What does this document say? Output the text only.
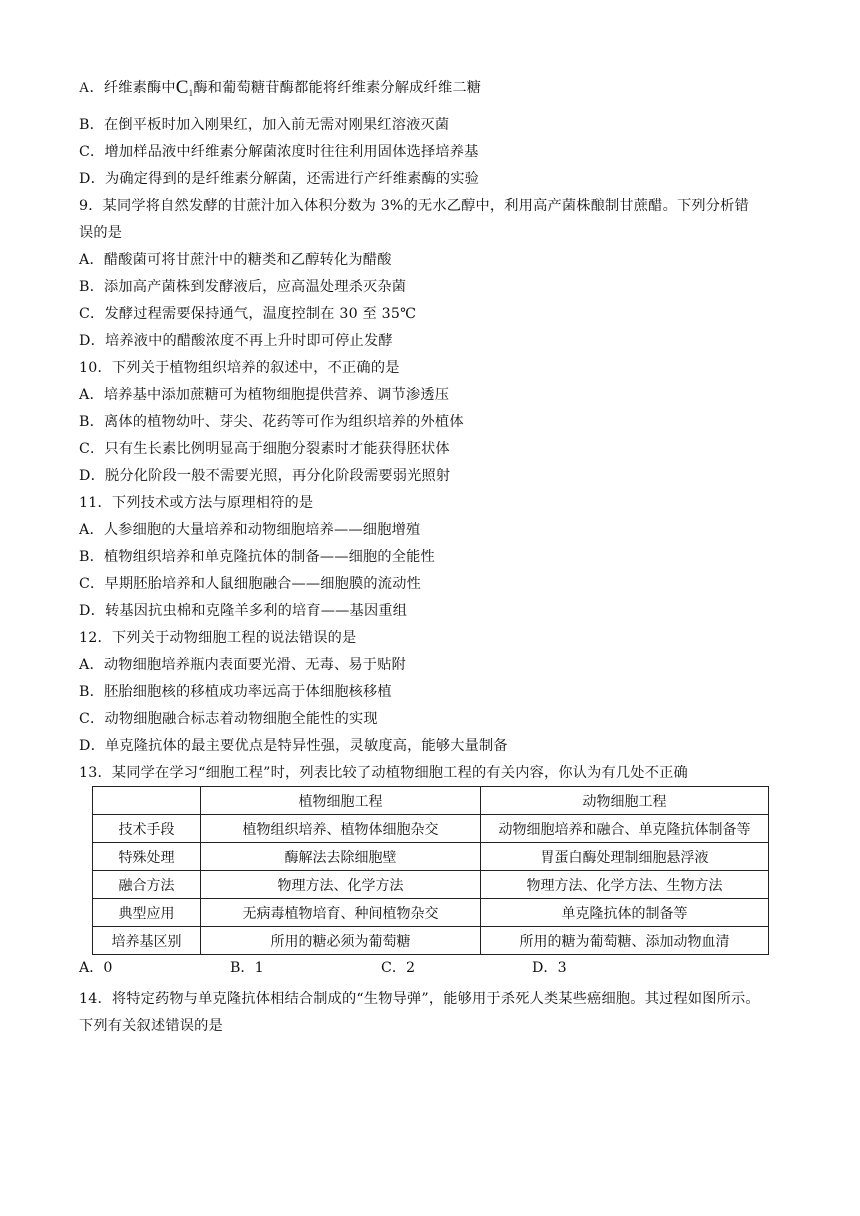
A．纤维素酶中$C_1$酶和葡萄糖苷酶都能将纤维素分解成纤维二糖
B．在倒平板时加入刚果红，加入前无需对刚果红溶液灭菌
C．增加样品液中纤维素分解菌浓度时往往利用固体选择培养基
D．为确定得到的是纤维素分解菌，还需进行产纤维素酶的实验
9．某同学将自然发酵的甘蔗汁加入体积分数为 3%的无水乙醇中，利用高产菌株酿制甘蔗醋。下列分析错
误的是
A．醋酸菌可将甘蔗汁中的糖类和乙醇转化为醋酸
B．添加高产菌株到发酵液后，应高温处理杀灭杂菌
C．发酵过程需要保持通气，温度控制在 30 至 35℃
D．培养液中的醋酸浓度不再上升时即可停止发酵
10．下列关于植物组织培养的叙述中，不正确的是
A．培养基中添加蔗糖可为植物细胞提供营养、调节渗透压
B．离体的植物幼叶、芽尖、花药等可作为组织培养的外植体
C．只有生长素比例明显高于细胞分裂素时才能获得胚状体
D．脱分化阶段一般不需要光照，再分化阶段需要弱光照射
11．下列技术或方法与原理相符的是
A．人参细胞的大量培养和动物细胞培养——细胞增殖
B．植物组织培养和单克隆抗体的制备——细胞的全能性
C．早期胚胎培养和人鼠细胞融合——细胞膜的流动性
D．转基因抗虫棉和克隆羊多利的培育——基因重组
12．下列关于动物细胞工程的说法错误的是
A．动物细胞培养瓶内表面要光滑、无毒、易于贴附
B．胚胎细胞核的移植成功率远高于体细胞核移植
C．动物细胞融合标志着动物细胞全能性的实现
D．单克隆抗体的最主要优点是特异性强，灵敏度高，能够大量制备
13．某同学在学习“细胞工程”时，列表比较了动植物细胞工程的有关内容，你认为有几处不正确
	植物细胞工程	动物细胞工程
技术手段	植物组织培养、植物体细胞杂交	动物细胞培养和融合、单克隆抗体制备等
特殊处理	酶解法去除细胞壁	胃蛋白酶处理制细胞悬浮液
融合方法	物理方法、化学方法	物理方法、化学方法、生物方法
典型应用	无病毒植物培育、种间植物杂交	单克隆抗体的制备等
培养基区别	所用的糖必须为葡萄糖	所用的糖为葡萄糖、添加动物血清
A．0	B．1	C．2	D．3
14．将特定药物与单克隆抗体相结合制成的“生物导弹”，能够用于杀死人类某些癌细胞。其过程如图所示。
下列有关叙述错误的是
